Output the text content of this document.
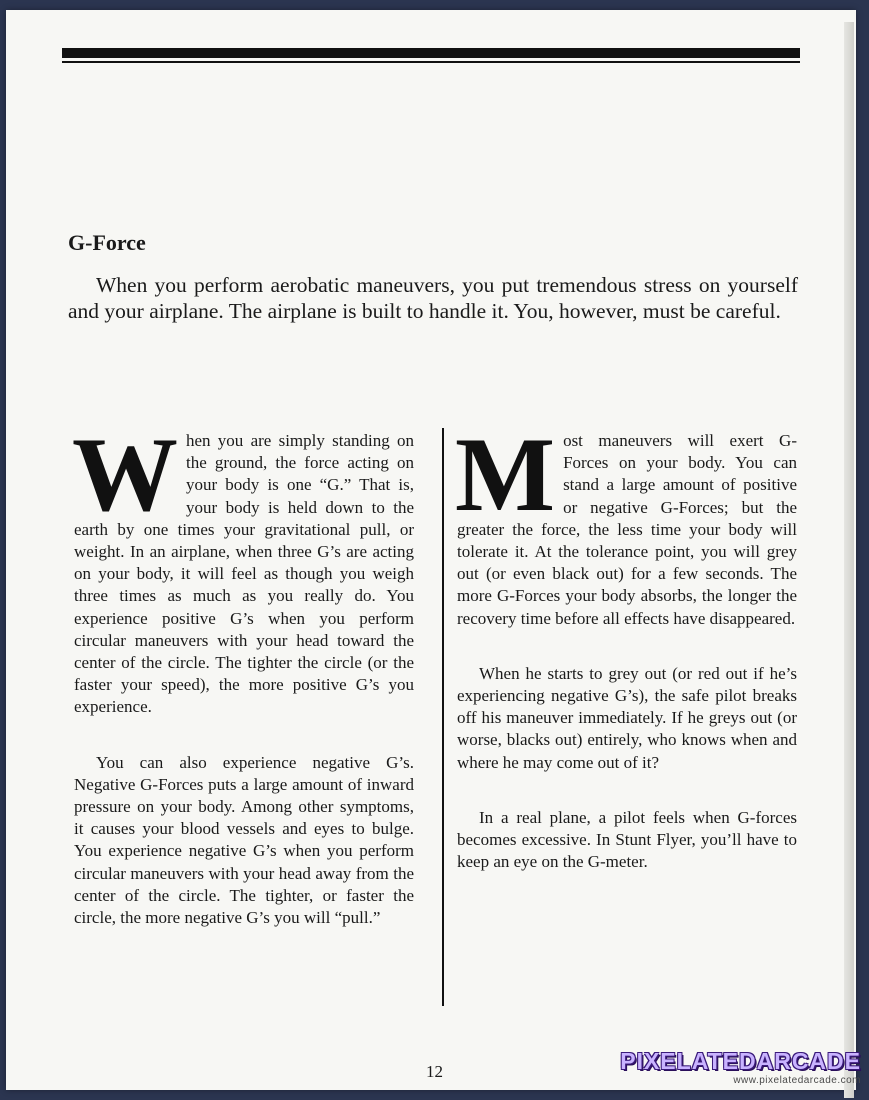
G-Force

When you perform aerobatic maneuvers, you put tremendous stress on yourself and your airplane. The airplane is built to handle it. You, however, must be careful.

When you are simply standing on the ground, the force acting on your body is one “G.” That is, your body is held down to the earth by one times your gravitational pull, or weight. In an airplane, when three G’s are acting on your body, it will feel as though you weigh three times as much as you really do. You experience positive G’s when you perform circular maneuvers with your head toward the center of the circle. The tighter the circle (or the faster your speed), the more positive G’s you experience.

You can also experience negative G’s. Negative G-Forces puts a large amount of inward pressure on your body. Among other symptoms, it causes your blood vessels and eyes to bulge. You experience negative G’s when you perform circular maneuvers with your head away from the center of the circle. The tighter, or faster the circle, the more negative G’s you will “pull.”

Most maneuvers will exert G-Forces on your body. You can stand a large amount of positive or negative G-Forces; but the greater the force, the less time your body will tolerate it. At the tolerance point, you will grey out (or even black out) for a few seconds. The more G-Forces your body absorbs, the longer the recovery time before all effects have disappeared.

When he starts to grey out (or red out if he’s experiencing negative G’s), the safe pilot breaks off his maneuver immediately. If he greys out (or worse, blacks out) entirely, who knows when and where he may come out of it?

In a real plane, a pilot feels when G-forces becomes excessive. In Stunt Flyer, you’ll have to keep an eye on the G-meter.

12	PIXELATEDARCADE
www.pixelatedarcade.com
